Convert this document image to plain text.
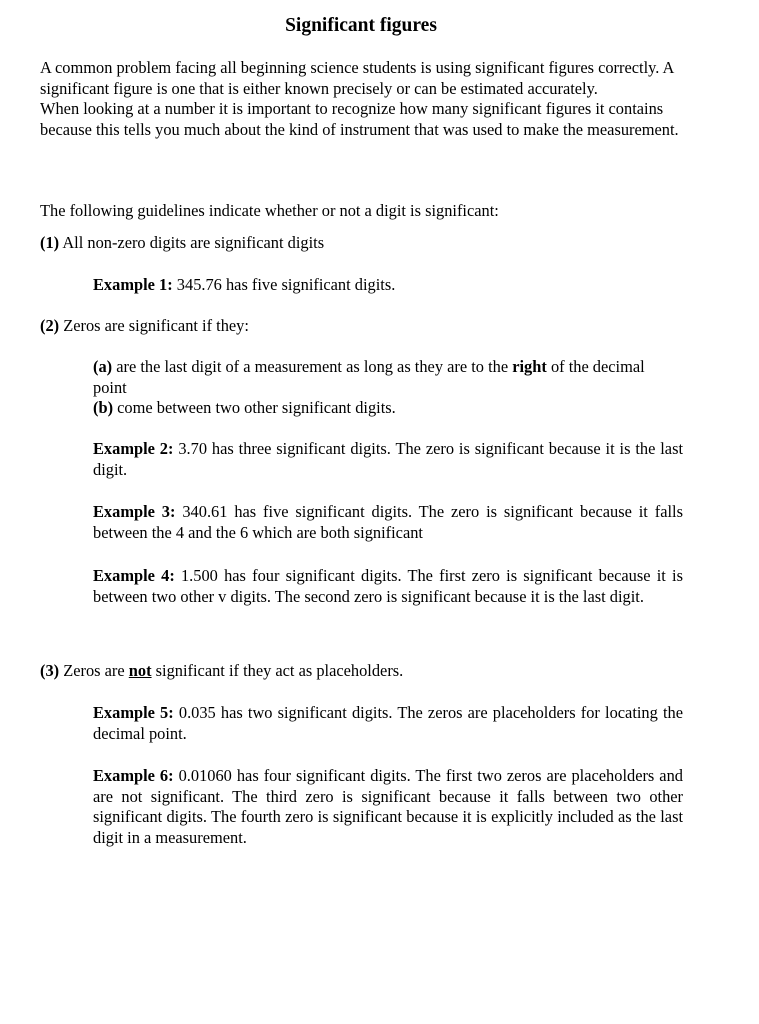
Significant figures

A common problem facing all beginning science students is using significant figures correctly. A significant figure is one that is either known precisely or can be estimated accurately.

When looking at a number it is important to recognize how many significant figures it contains because this tells you much about the kind of instrument that was used to make the measurement.

The following guidelines indicate whether or not a digit is significant:
(1) All non-zero digits are significant digits
Example 1: 345.76 has five significant digits.
(2) Zeros are significant if they:

(a) are the last digit of a measurement as long as they are to the right of the decimal point

(b) come between two other significant digits.

Example 2: 3.70 has three significant digits. The zero is significant because it is the last digit.
Example 3: 340.61 has five significant digits. The zero is significant because it falls between the 4 and the 6 which are both significant
Example 4: 1.500 has four significant digits. The first zero is significant because it is between two other v digits. The second zero is significant because it is the last digit.
(3) Zeros are not significant if they act as placeholders.
Example 5: 0.035 has two significant digits. The zeros are placeholders for locating the decimal point.
Example 6: 0.01060 has four significant digits. The first two zeros are placeholders and are not significant. The third zero is significant because it falls between two other significant digits. The fourth zero is significant because it is explicitly included as the last digit in a measurement.
